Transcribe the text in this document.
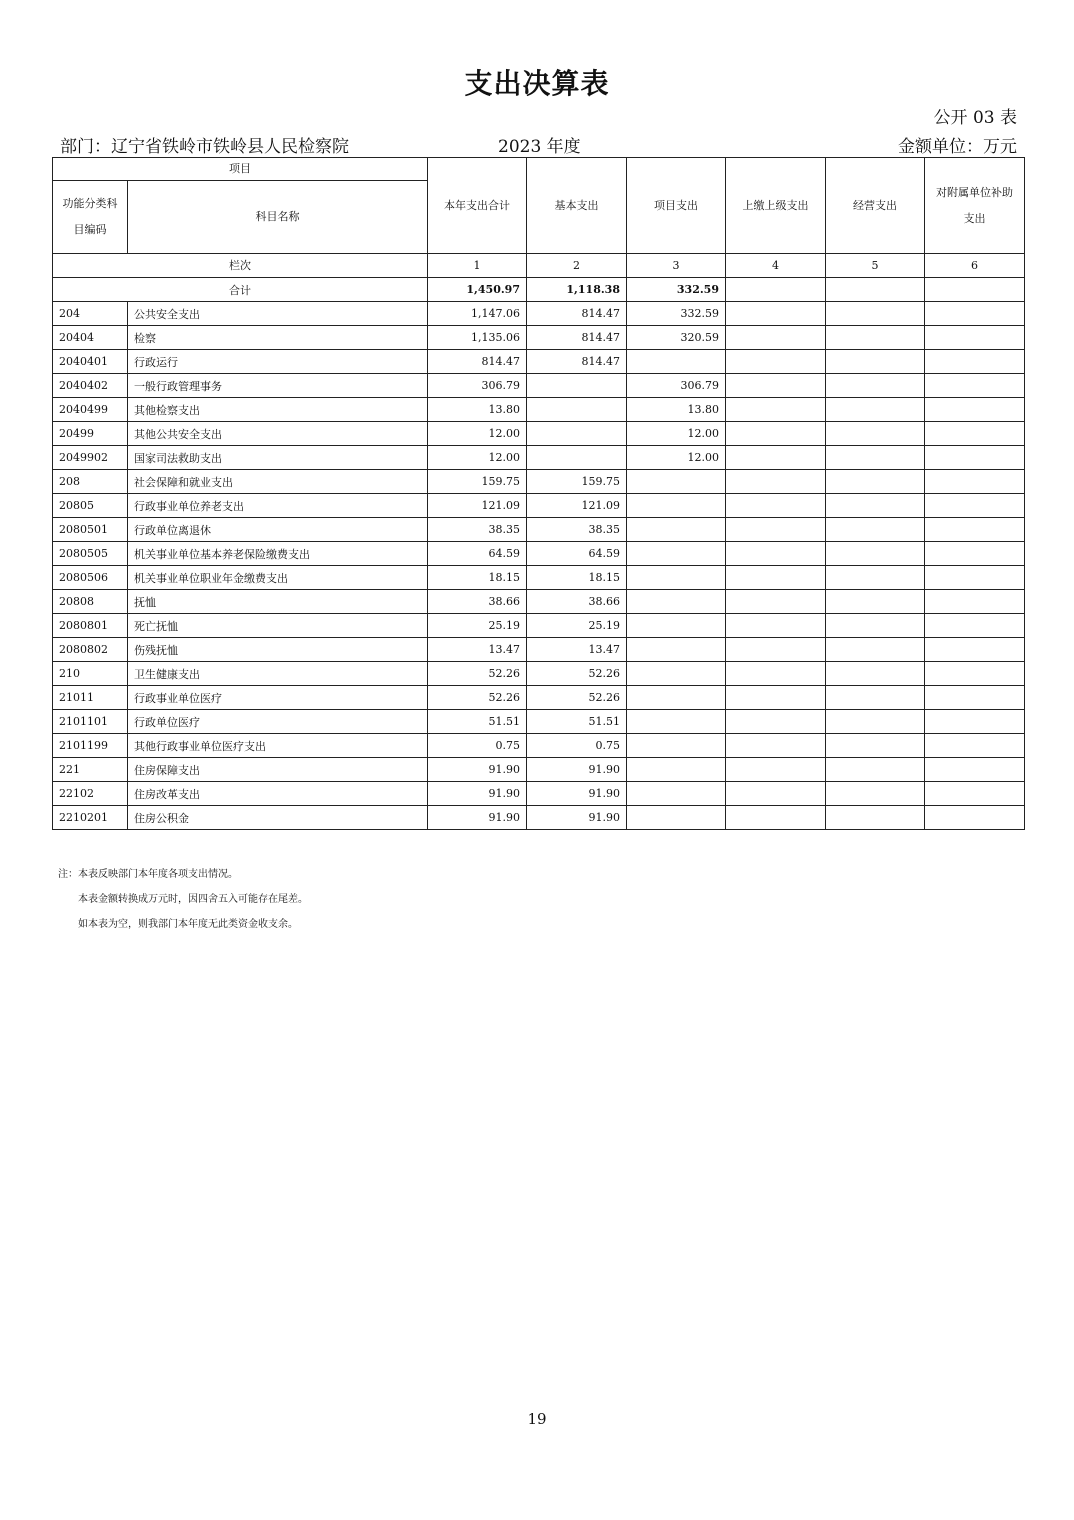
支出决算表
公开 03 表
部门：辽宁省铁岭市铁岭县人民检察院	2023 年度	金额单位：万元
项目		本年支出合计	基本支出	项目支出	上缴上级支出	经营支出	对附属单位补助支出
功能分类科目编码	科目名称						
栏次		1	2	3	4	5	6
合计		1,450.97	1,118.38	332.59			
204	公共安全支出	1,147.06	814.47	332.59			
20404	检察	1,135.06	814.47	320.59			
2040401	行政运行	814.47	814.47				
2040402	一般行政管理事务	306.79		306.79			
2040499	其他检察支出	13.80		13.80			
20499	其他公共安全支出	12.00		12.00			
2049902	国家司法救助支出	12.00		12.00			
208	社会保障和就业支出	159.75	159.75				
20805	行政事业单位养老支出	121.09	121.09				
2080501	行政单位离退休	38.35	38.35				
2080505	机关事业单位基本养老保险缴费支出	64.59	64.59				
2080506	机关事业单位职业年金缴费支出	18.15	18.15				
20808	抚恤	38.66	38.66				
2080801	死亡抚恤	25.19	25.19				
2080802	伤残抚恤	13.47	13.47				
210	卫生健康支出	52.26	52.26				
21011	行政事业单位医疗	52.26	52.26				
2101101	行政单位医疗	51.51	51.51				
2101199	其他行政事业单位医疗支出	0.75	0.75				
221	住房保障支出	91.90	91.90				
22102	住房改革支出	91.90	91.90				
2210201	住房公积金	91.90	91.90				
注：本表反映部门本年度各项支出情况。
本表金额转换成万元时，因四舍五入可能存在尾差。
如本表为空，则我部门本年度无此类资金收支余。
19
